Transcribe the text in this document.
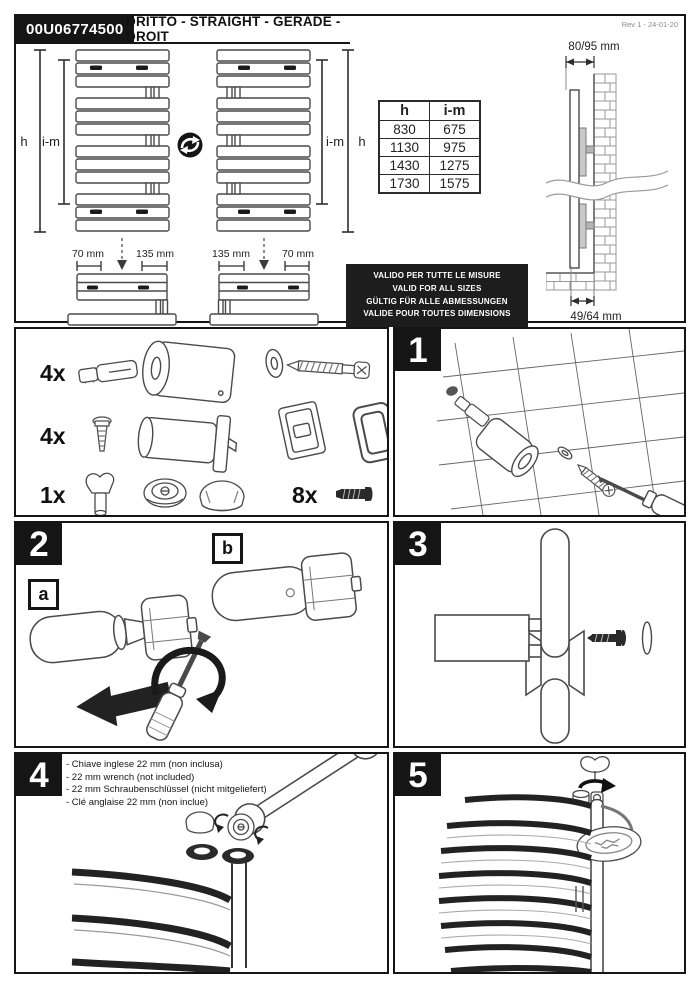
00U06774500 DRITTO - STRAIGHT - GERADE - DROIT
Rev 1 - 24-01-20
h i-m	i-m h
70 mm	135 mm	135 mm	70 mm
h	i-m
830	675
1130	975
1430	1275
1730	1575
VALIDO PER TUTTE LE MISURE
VALID FOR ALL SIZES
GÜLTIG FÜR ALLE ABMESSUNGEN
VALIDE POUR TOUTES DIMENSIONS
80/95 mm
49/64 mm
4x
4x
1x	8x
1
2
a
b	3
4	- Chiave inglese 22 mm (non inclusa)
- 22 mm wrench (not included)
- 22 mm Schraubenschlüssel (nicht mitgeliefert)
- Clé anglaise 22 mm (non inclue)
5
